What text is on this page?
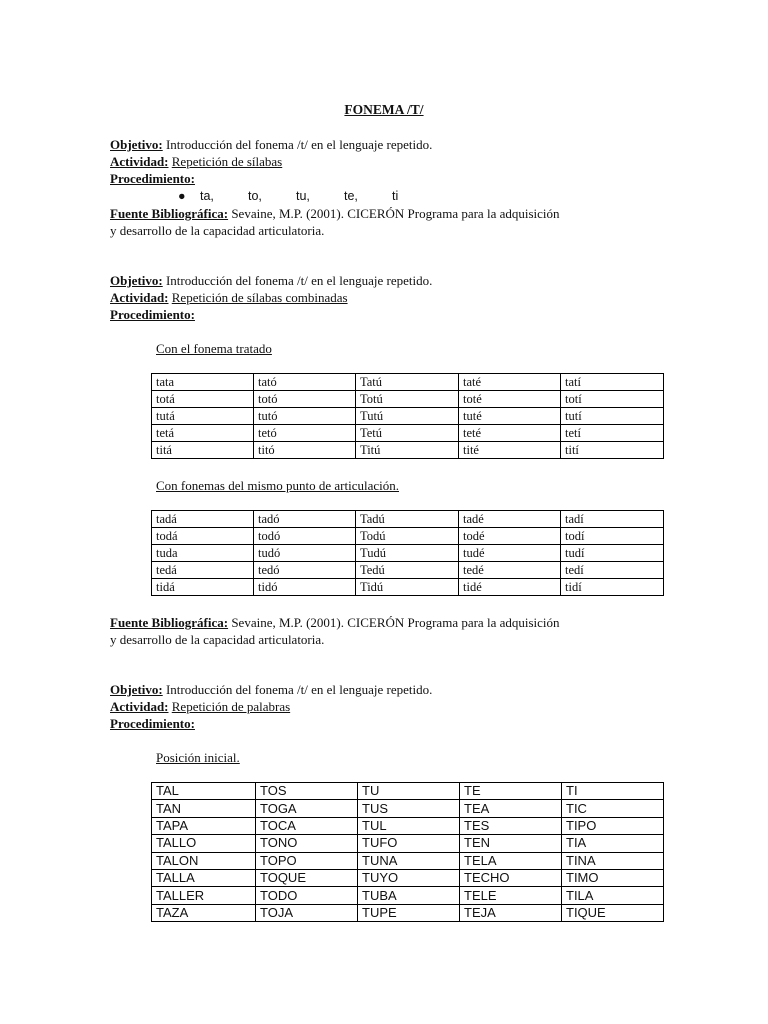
FONEMA /T/
Objetivo: Introducción del fonema /t/ en el lenguaje repetido.
Actividad: Repetición de sílabas
Procedimiento:
● ta,	to,	tu,	te,	ti
Fuente Bibliográfica: Sevaine, M.P. (2001). CICERÓN Programa para la adquisición
y desarrollo de la capacidad articulatoria.
Objetivo: Introducción del fonema /t/ en el lenguaje repetido.
Actividad: Repetición de sílabas combinadas
Procedimiento:
Con el fonema tratado
tata	tató	Tatú	taté	tatí
totá	totó	Totú	toté	totí
tutá	tutó	Tutú	tuté	tutí
tetá	tetó	Tetú	teté	tetí
titá	titó	Titú	tité	tití
Con fonemas del mismo punto de articulación.
tadá	tadó	Tadú	tadé	tadí
todá	todó	Todú	todé	todí
tuda	tudó	Tudú	tudé	tudí
tedá	tedó	Tedú	tedé	tedí
tidá	tidó	Tidú	tidé	tidí
Fuente Bibliográfica: Sevaine, M.P. (2001). CICERÓN Programa para la adquisición
y desarrollo de la capacidad articulatoria.
Objetivo: Introducción del fonema /t/ en el lenguaje repetido.
Actividad: Repetición de palabras
Procedimiento:
Posición inicial.
TAL	TOS	TU	TE	TI
TAN	TOGA	TUS	TEA	TIC
TAPA	TOCA	TUL	TES	TIPO
TALLO	TONO	TUFO	TEN	TIA
TALON	TOPO	TUNA	TELA	TINA
TALLA	TOQUE	TUYO	TECHO	TIMO
TALLER	TODO	TUBA	TELE	TILA
TAZA	TOJA	TUPE	TEJA	TIQUE
